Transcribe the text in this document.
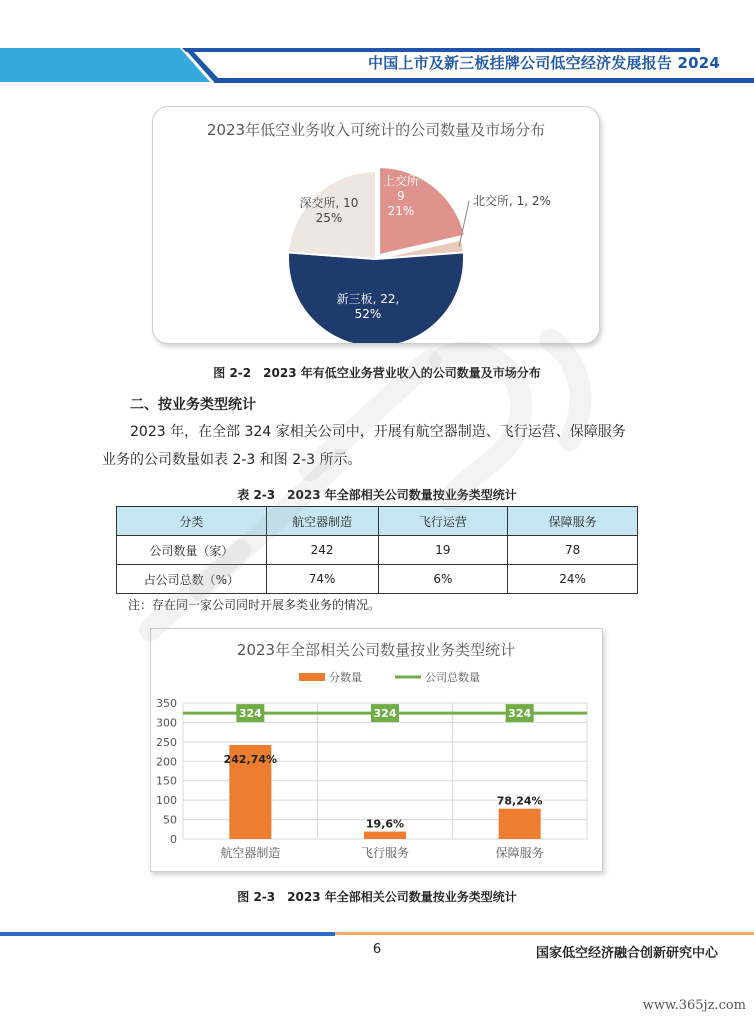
中国上市及新三板挂牌公司低空经济发展报告 2024
上交所
9
21%
北交所, 1, 2%
新三板, 22,
52%
深交所, 10
25%
2023年低空业务收入可统计的公司数量及市场分布
图 2-2　2023 年有低空业务营业收入的公司数量及市场分布
二、按业务类型统计
2023 年，在全部 324 家相关公司中，开展有航空器制造、飞行运营、保障服务
业务的公司数量如表 2-3 和图 2-3 所示。
表 2-3　2023 年全部相关公司数量按业务类型统计
分类	航空器制造	飞行运营	保障服务
公司数量（家）	242	19	78
占公司总数（%）	74%	6%	24%
注：存在同一家公司同时开展多类业务的情况。
2023年全部相关公司数量按业务类型统计
分数量	公司总数量
0
50
100
150
200
250
300
350
242,74%
航空器制造
19,6%
飞行服务
78,24%
保障服务
324	324	324
图 2-3　2023 年全部相关公司数量按业务类型统计
6	国家低空经济融合创新研究中心
www.365jz.com
